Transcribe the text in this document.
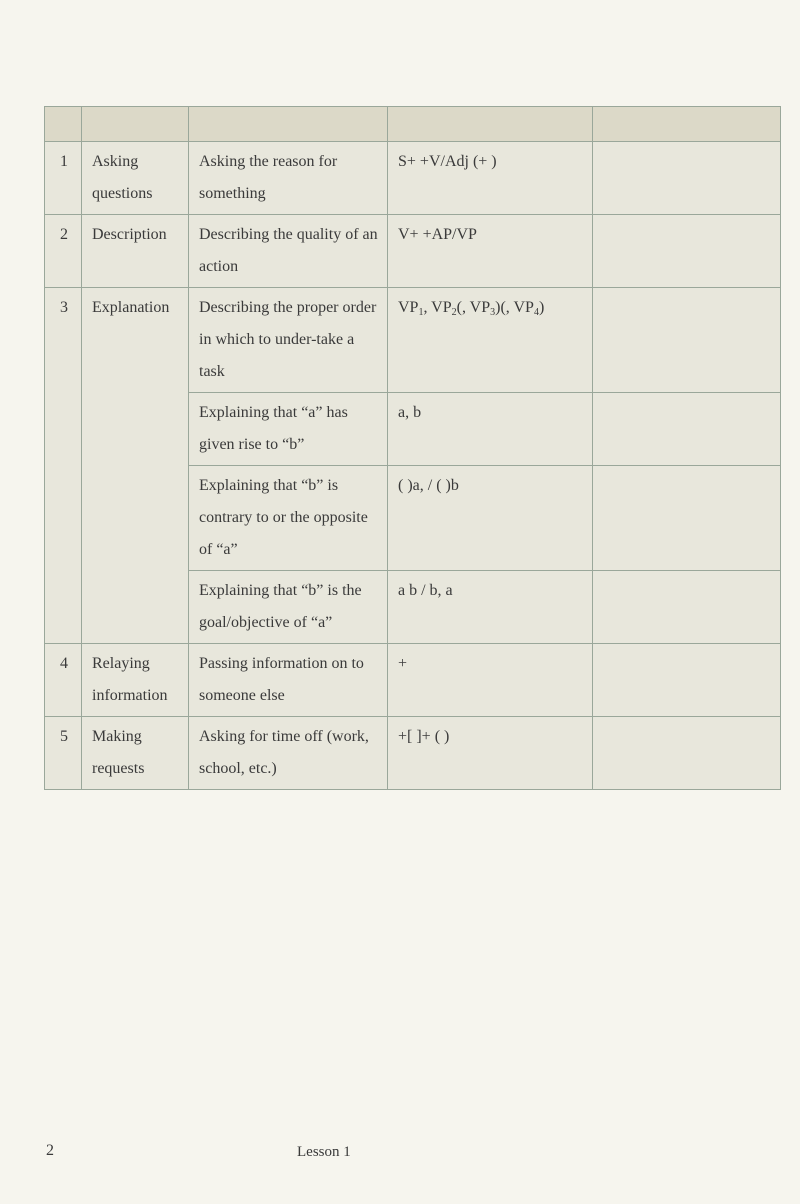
1	Asking questions	Asking the reason for something	S+ +V/Adj (+ )	
2	Description	Describing the quality of an action	V+ +AP/VP	
3	Explanation	Describing the proper order in which to under-take a task	$VP_1$, $VP_2$(, $VP_3$)(, $VP_4$)	

		Explaining that “a” has given rise to “b”	a, b	

		Explaining that “b” is contrary to or the opposite of “a”	( )a, / ( )b	

		Explaining that “b” is the goal/objective of “a”	a b / b, a	
4	Relaying information	Passing information on to someone else	+	
5	Making requests	Asking for time off (work, school, etc.)	+[ ]+ ( )	
2	Lesson 1
